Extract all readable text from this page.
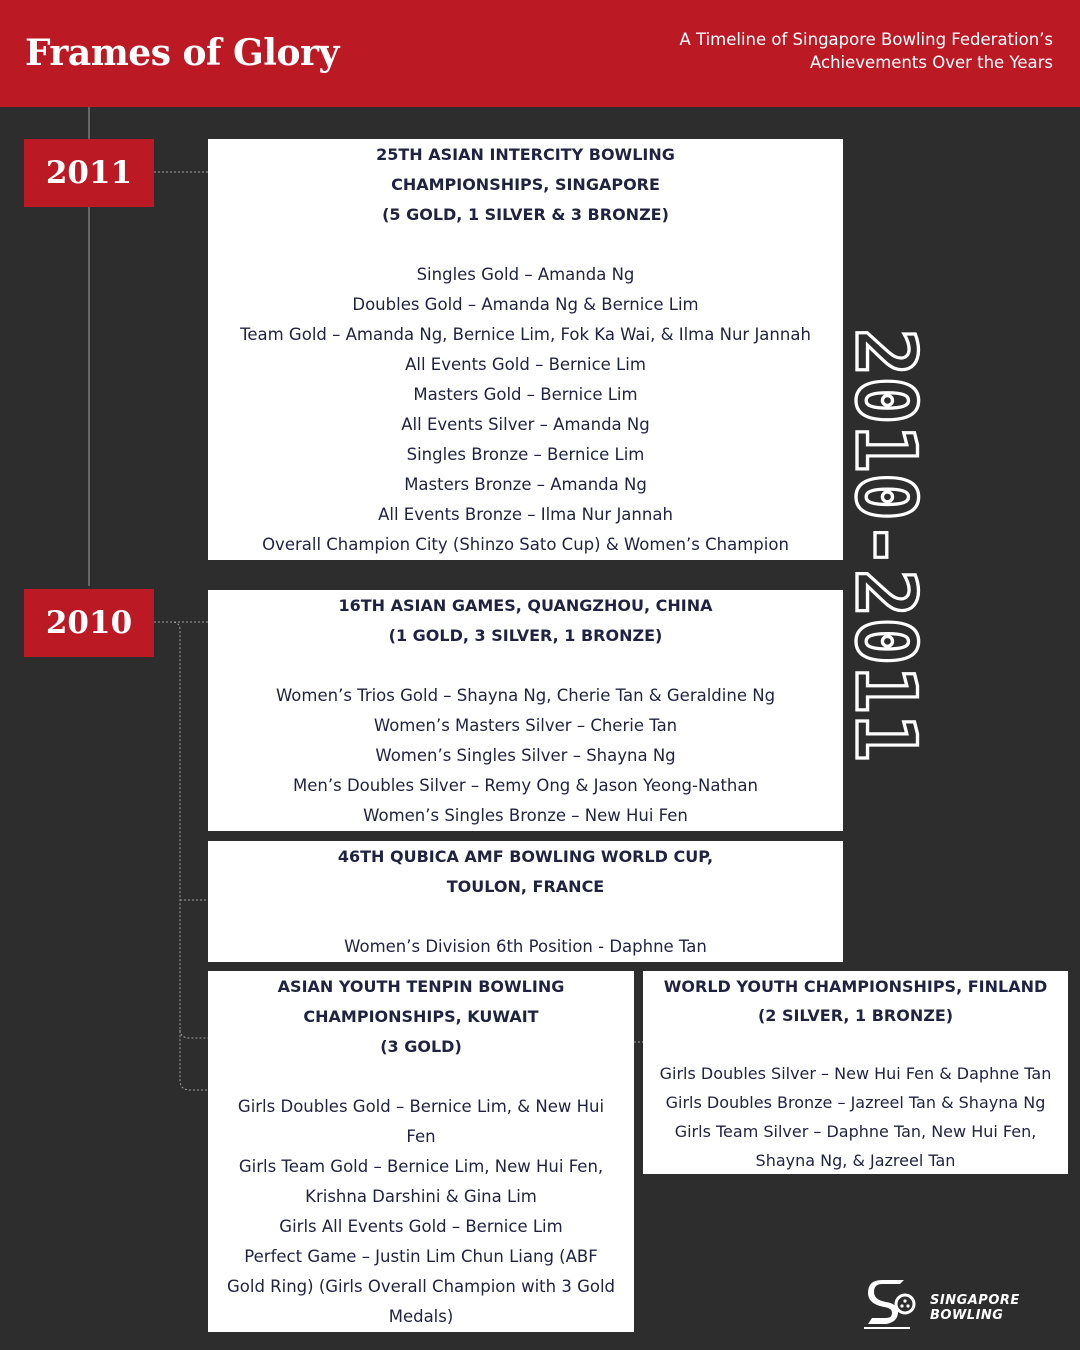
Frames of Glory	A Timeline of Singapore Bowling Federation’s
Achievements Over the Years
2011
2010
25TH ASIAN INTERCITY BOWLING
CHAMPIONSHIPS, SINGAPORE
(5 GOLD, 1 SILVER & 3 BRONZE)
Singles Gold – Amanda Ng
Doubles Gold – Amanda Ng & Bernice Lim
Team Gold – Amanda Ng, Bernice Lim, Fok Ka Wai, & Ilma Nur Jannah
All Events Gold – Bernice Lim
Masters Gold – Bernice Lim
All Events Silver – Amanda Ng
Singles Bronze – Bernice Lim
Masters Bronze – Amanda Ng
All Events Bronze – Ilma Nur Jannah
Overall Champion City (Shinzo Sato Cup) & Women’s Champion
16TH ASIAN GAMES, QUANGZHOU, CHINA
(1 GOLD, 3 SILVER, 1 BRONZE)
Women’s Trios Gold – Shayna Ng, Cherie Tan & Geraldine Ng
Women’s Masters Silver – Cherie Tan
Women’s Singles Silver – Shayna Ng
Men’s Doubles Silver – Remy Ong & Jason Yeong-Nathan
Women’s Singles Bronze – New Hui Fen
46TH QUBICA AMF BOWLING WORLD CUP,
TOULON, FRANCE
Women’s Division 6th Position - Daphne Tan
ASIAN YOUTH TENPIN BOWLING
CHAMPIONSHIPS, KUWAIT
(3 GOLD)
Girls Doubles Gold – Bernice Lim, & New Hui
Fen
Girls Team Gold – Bernice Lim, New Hui Fen,
Krishna Darshini & Gina Lim
Girls All Events Gold – Bernice Lim
Perfect Game – Justin Lim Chun Liang (ABF
Gold Ring) (Girls Overall Champion with 3 Gold
Medals)
WORLD YOUTH CHAMPIONSHIPS, FINLAND
(2 SILVER, 1 BRONZE)
Girls Doubles Silver – New Hui Fen & Daphne Tan
Girls Doubles Bronze – Jazreel Tan & Shayna Ng
Girls Team Silver – Daphne Tan, New Hui Fen,
Shayna Ng, & Jazreel Tan
2010-2011
SINGAPORE
BOWLING
